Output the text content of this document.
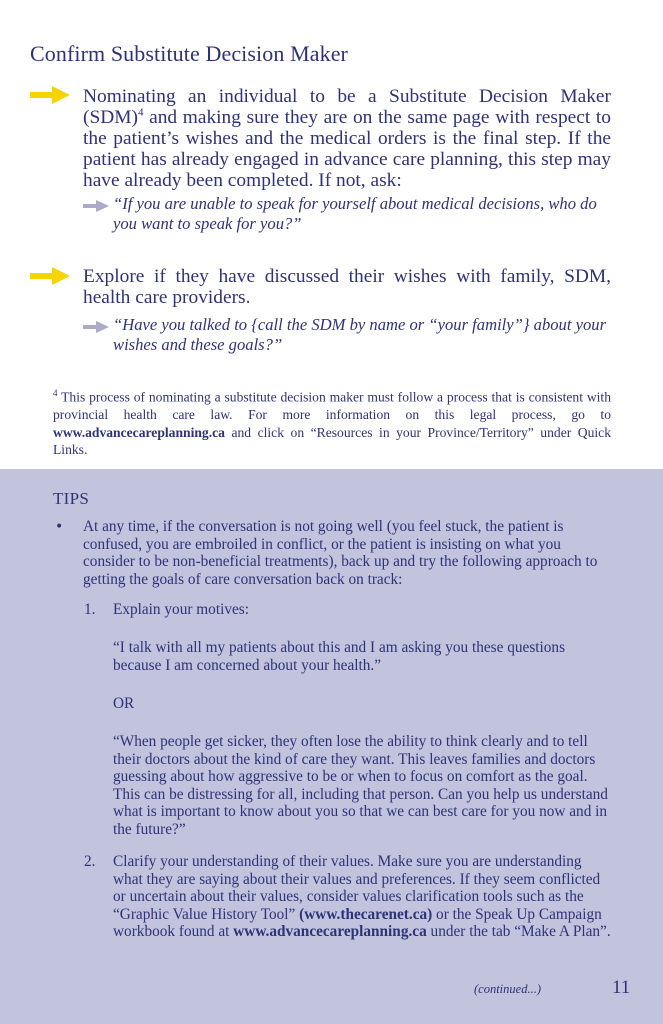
Confirm Substitute Decision Maker
Nominating an individual to be a Substitute Decision Maker (SDM)$^4$ and making sure they are on the same page with respect to the patient’s wishes and the medical orders is the final step. If the patient has already engaged in advance care planning, this step may have already been completed. If not, ask:
“If you are unable to speak for yourself about medical decisions, who do you want to speak for you?”
Explore if they have discussed their wishes with family, SDM, health care providers.
“Have you talked to {call the SDM by name or “your family”} about your wishes and these goals?”
$^4$ This process of nominating a substitute decision maker must follow a process that is consistent with provincial health care law. For more information on this legal process, go to www.advancecareplanning.ca and click on “Resources in your Province/Territory” under Quick Links.
TIPS
• At any time, if the conversation is not going well (you feel stuck, the patient is confused, you are embroiled in conflict, or the patient is insisting on what you consider to be non-beneficial treatments), back up and try the following approach to getting the goals of care conversation back on track:
1. Explain your motives:
“I talk with all my patients about this and I am asking you these questions because I am concerned about your health.”
OR
“When people get sicker, they often lose the ability to think clearly and to tell their doctors about the kind of care they want. This leaves families and doctors guessing about how aggressive to be or when to focus on comfort as the goal. This can be distressing for all, including that person. Can you help us understand what is important to know about you so that we can best care for you now and in the future?”
2. Clarify your understanding of their values. Make sure you are understanding what they are saying about their values and preferences. If they seem conflicted or uncertain about their values, consider values clarification tools such as the “Graphic Value History Tool” (www.thecarenet.ca) or the Speak Up Campaign workbook found at www.advancecareplanning.ca under the tab “Make A Plan”.
(continued...)	11
